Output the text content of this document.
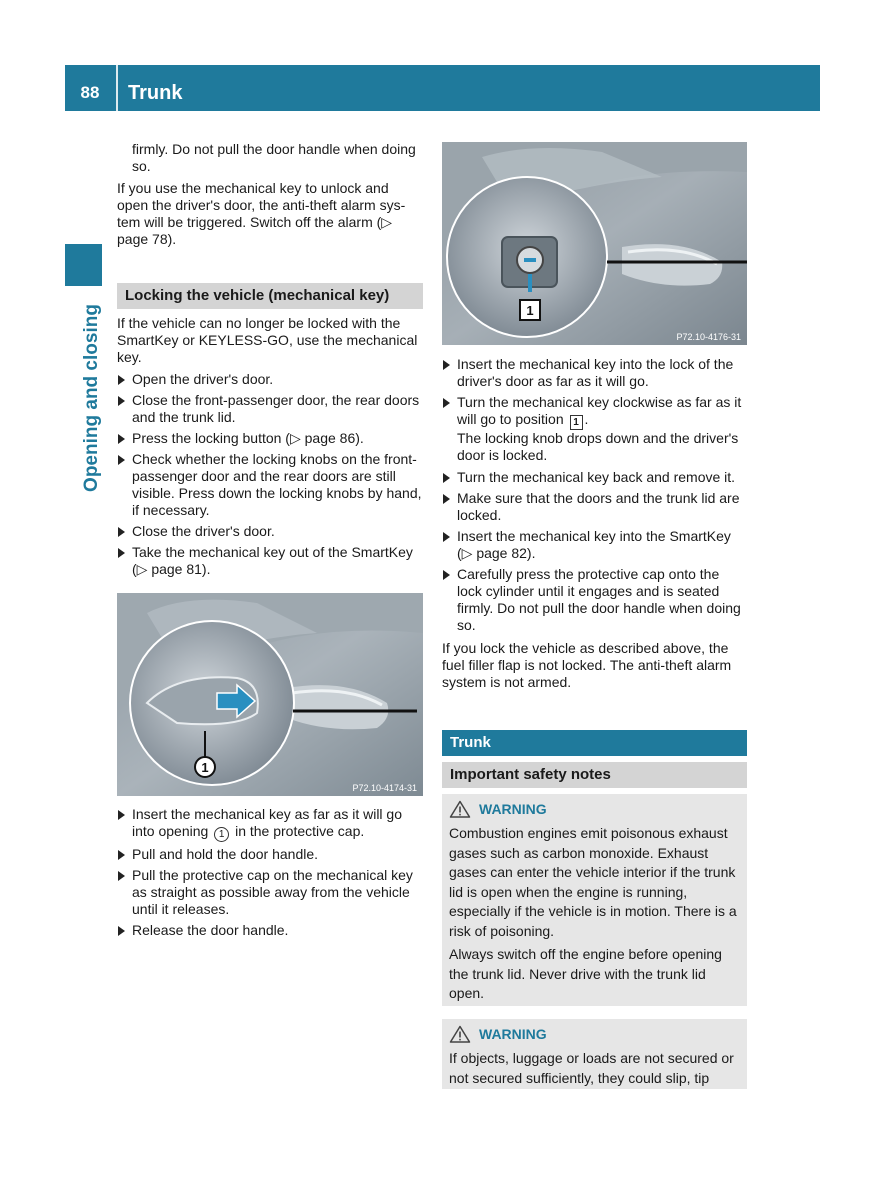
88	Trunk
Opening and closing

firmly. Do not pull the door handle when doing so.

If you use the mechanical key to unlock and open the driver's door, the anti-theft alarm sys-tem will be triggered. Switch off the alarm (▷ page 78).

Locking the vehicle (mechanical key)

If the vehicle can no longer be locked with the SmartKey or KEYLESS-GO, use the mechanical key.

Open the driver's door.
Close the front-passenger door, the rear doors and the trunk lid.
Press the locking button (▷ page 86).
Check whether the locking knobs on the front-passenger door and the rear doors are still visible. Press down the locking knobs by hand, if necessary.
Close the driver's door.
Take the mechanical key out of the SmartKey (▷ page 81).
1
P72.10-4174-31
Insert the mechanical key as far as it will go into opening 1 in the protective cap.
Pull and hold the door handle.
Pull the protective cap on the mechanical key as straight as possible away from the vehicle until it releases.
Release the door handle.
1
P72.10-4176-31
Insert the mechanical key into the lock of the driver's door as far as it will go.
Turn the mechanical key clockwise as far as it will go to position 1 .
The locking knob drops down and the driver's door is locked.
Turn the mechanical key back and remove it.
Make sure that the doors and the trunk lid are locked.
Insert the mechanical key into the SmartKey (▷ page 82).
Carefully press the protective cap onto the lock cylinder until it engages and is seated firmly. Do not pull the door handle when doing so.

If you lock the vehicle as described above, the fuel filler flap is not locked. The anti-theft alarm system is not armed.

Trunk
Important safety notes
WARNING

Combustion engines emit poisonous exhaust gases such as carbon monoxide. Exhaust gases can enter the vehicle interior if the trunk lid is open when the engine is running, especially if the vehicle is in motion. There is a risk of poisoning.

Always switch off the engine before opening the trunk lid. Never drive with the trunk lid open.

WARNING

If objects, luggage or loads are not secured or not secured sufficiently, they could slip, tip
